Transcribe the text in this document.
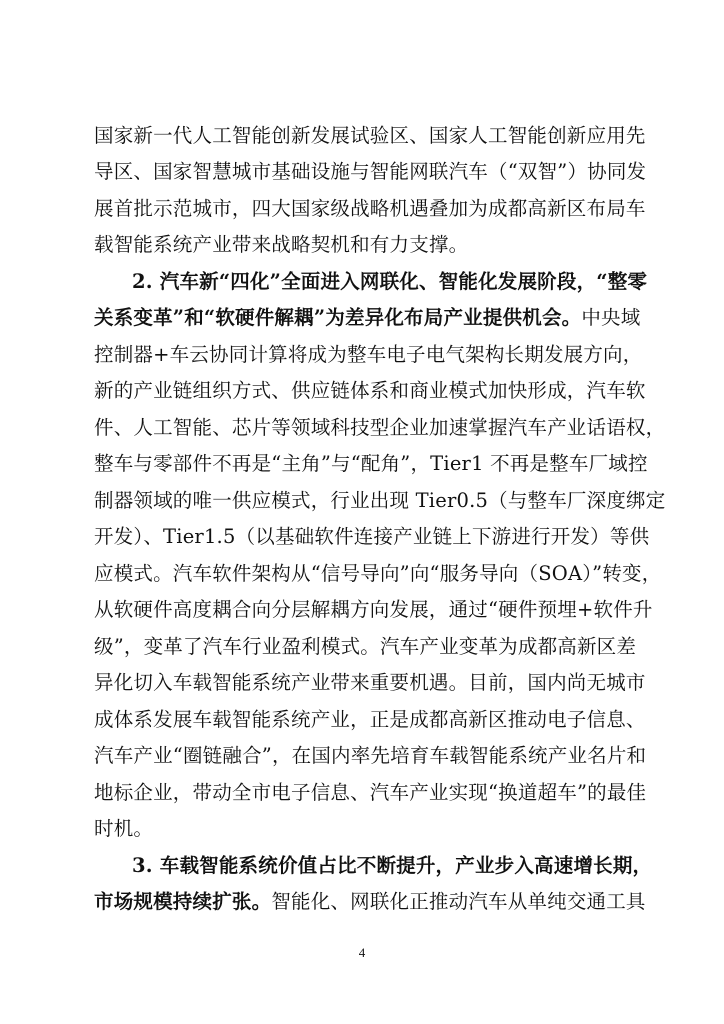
国家新一代人工智能创新发展试验区、国家人工智能创新应用先
导区、国家智慧城市基础设施与智能网联汽车（“双智”）协同发
展首批示范城市，四大国家级战略机遇叠加为成都高新区布局车
载智能系统产业带来战略契机和有力支撑。
2. 汽车新“四化”全面进入网联化、智能化发展阶段，“整零
关系变革”和“软硬件解耦”为差异化布局产业提供机会。中央域
控制器+车云协同计算将成为整车电子电气架构长期发展方向，
新的产业链组织方式、供应链体系和商业模式加快形成，汽车软
件、人工智能、芯片等领域科技型企业加速掌握汽车产业话语权，
整车与零部件不再是“主角”与“配角”，Tier1 不再是整车厂域控
制器领域的唯一供应模式，行业出现 Tier0.5（与整车厂深度绑定
开发）、Tier1.5（以基础软件连接产业链上下游进行开发）等供
应模式。汽车软件架构从“信号导向”向“服务导向（SOA）”转变，
从软硬件高度耦合向分层解耦方向发展，通过“硬件预埋+软件升
级”，变革了汽车行业盈利模式。汽车产业变革为成都高新区差
异化切入车载智能系统产业带来重要机遇。目前，国内尚无城市
成体系发展车载智能系统产业，正是成都高新区推动电子信息、
汽车产业“圈链融合”，在国内率先培育车载智能系统产业名片和
地标企业，带动全市电子信息、汽车产业实现“换道超车”的最佳
时机。
3. 车载智能系统价值占比不断提升，产业步入高速增长期，
市场规模持续扩张。智能化、网联化正推动汽车从单纯交通工具
4
